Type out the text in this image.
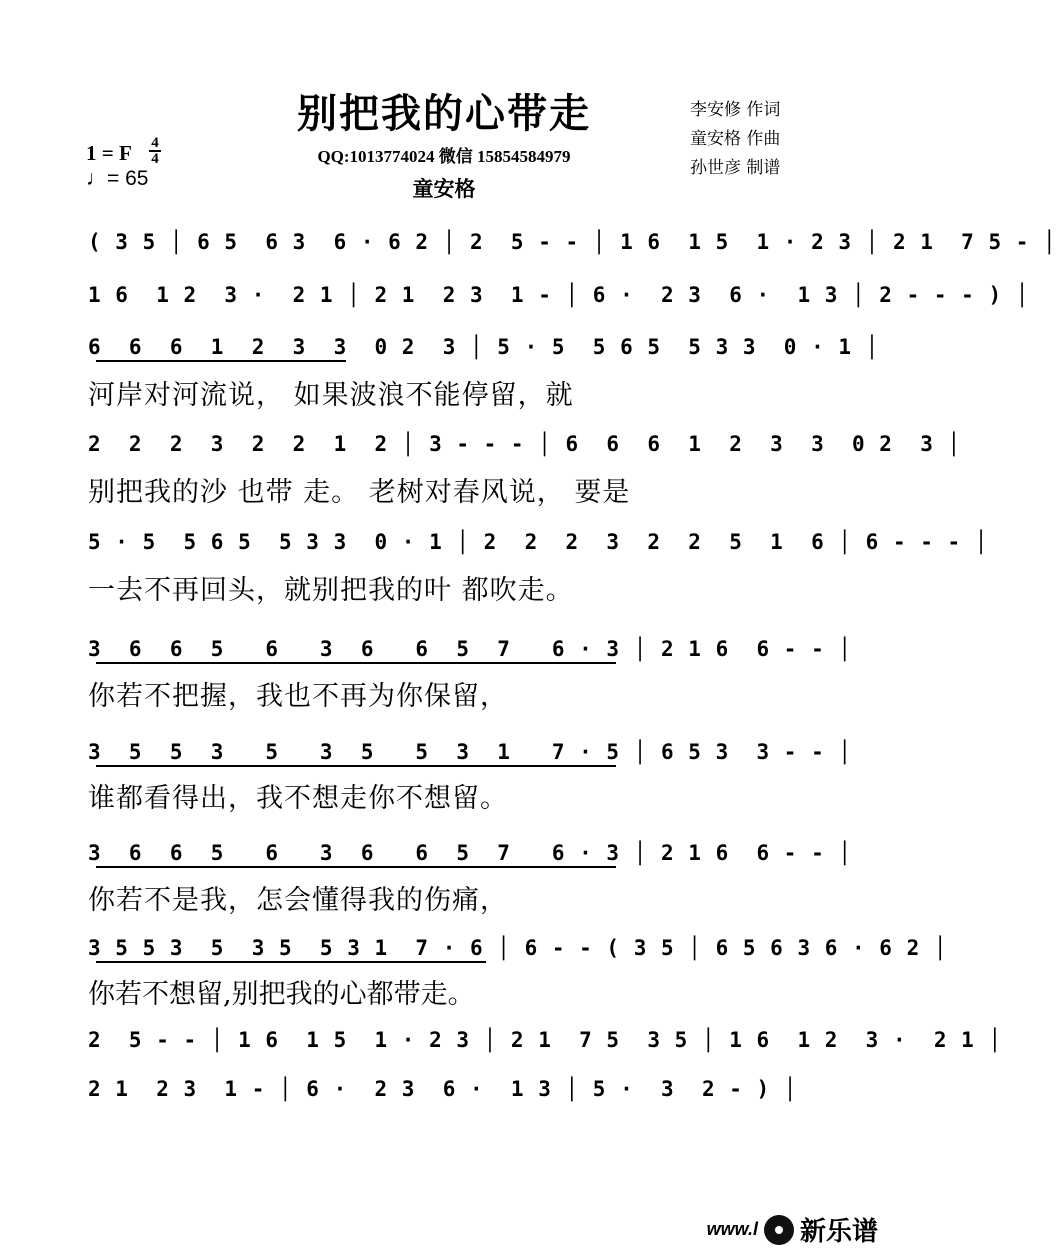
别把我的心带走
QQ:1013774024 微信 15854584979
童安格
李安修 作词
童安格 作曲
孙世彦 制谱
1 = F 4
4
♩= 65
( 3 5 │ 6 5  6 3  6 · 6 2 │ 2  5 - - │ 1 6  1 5  1 · 2 3 │ 2 1  7 5 - │
1 6  1 2  3 ·  2 1 │ 2 1  2 3  1 - │ 6 ·  2 3  6 ·  1 3 │ 2 - - - ) │
6  6  6  1  2  3  3  0 2  3 │ 5 · 5  5 6 5  5 3 3  0 · 1 │
河岸对河流说， 如果波浪不能停留，就
2  2  2  3  2  2  1  2 │ 3 - - - │ 6  6  6  1  2  3  3  0 2  3 │
别把我的沙 也带 走。 老树对春风说， 要是
5 · 5  5 6 5  5 3 3  0 · 1 │ 2  2  2  3  2  2  5  1  6 │ 6 - - - │
一去不再回头，就别把我的叶 都吹走。
3  6  6  5   6   3  6   6  5  7   6 · 3 │ 2 1 6  6 - - │
你若不把握，我也不再为你保留，
3  5  5  3   5   3  5   5  3  1   7 · 5 │ 6 5 3  3 - - │
谁都看得出，我不想走你不想留。
3  6  6  5   6   3  6   6  5  7   6 · 3 │ 2 1 6  6 - - │
你若不是我，怎会懂得我的伤痛，
3 5 5 3  5  3 5  5 3 1  7 · 6 │ 6 - - ( 3 5 │ 6 5 6 3 6 · 6 2 │
你若不想留,别把我的心都带走。
2  5 - - │ 1 6  1 5  1 · 2 3 │ 2 1  7 5  3 5 │ 1 6  1 2  3 ·  2 1 │
2 1  2 3  1 - │ 6 ·  2 3  6 ·  1 3 │ 5 ·  3  2 - ) │
www.l 新乐谱
